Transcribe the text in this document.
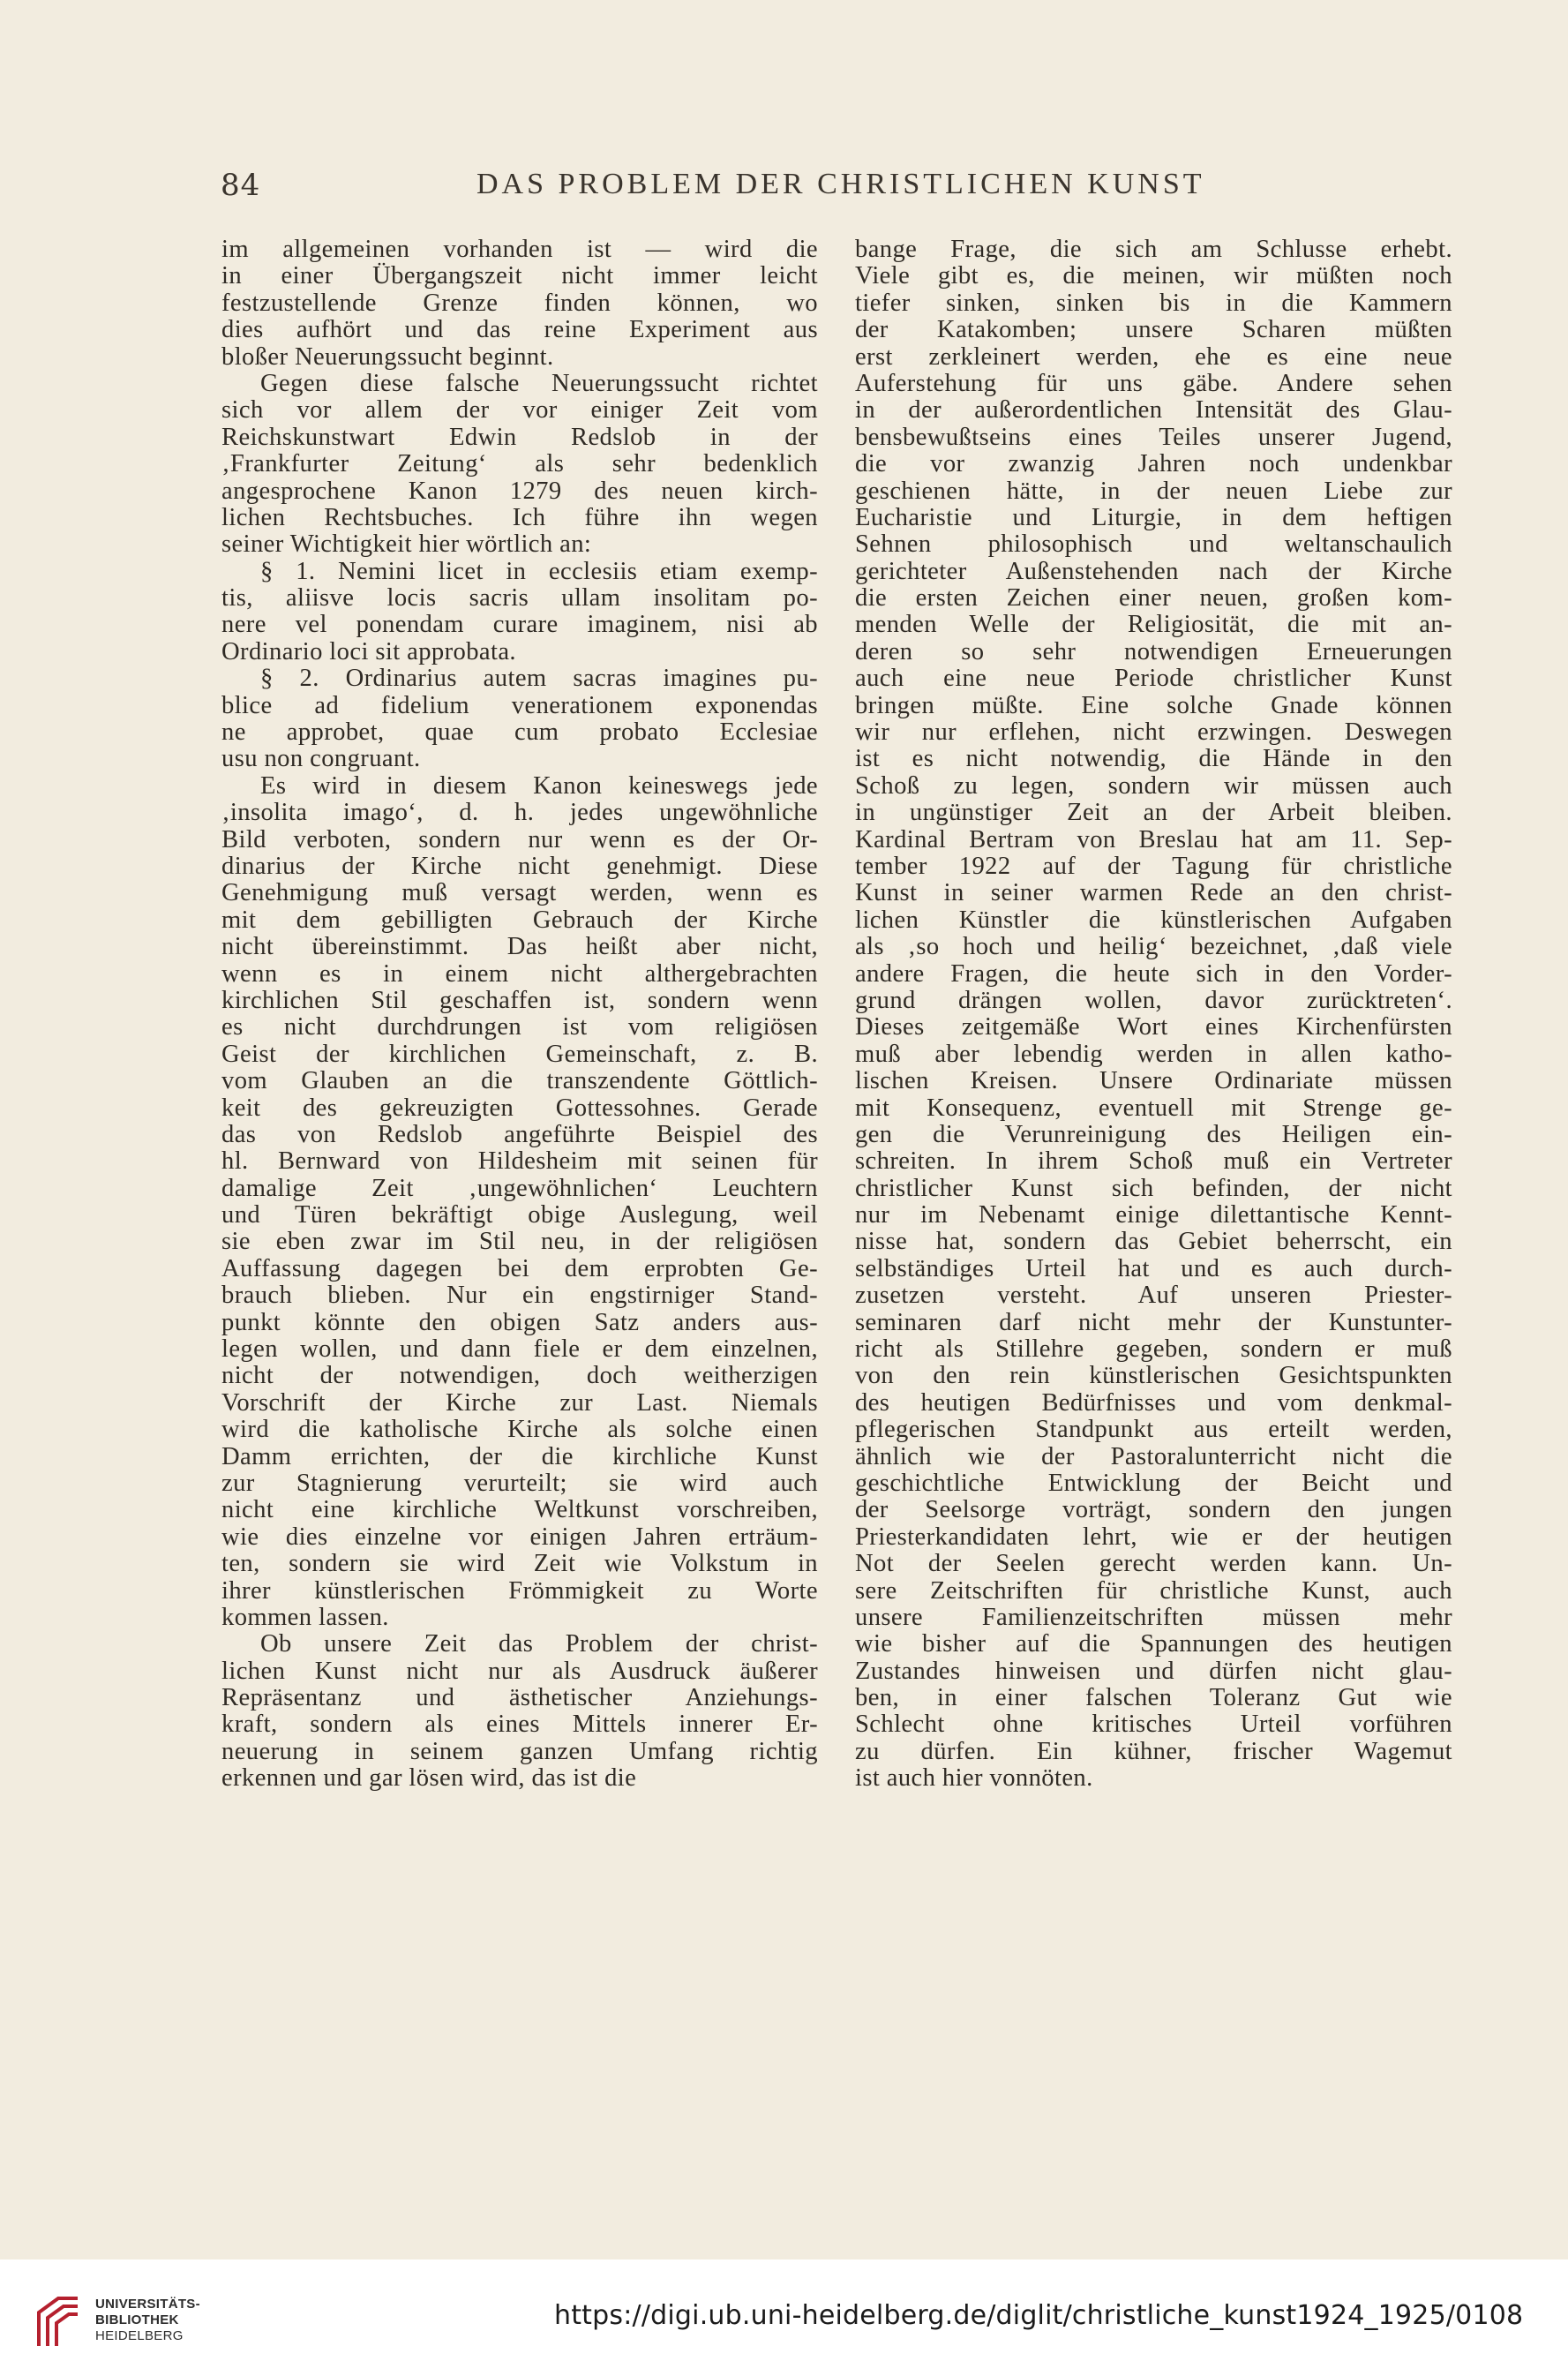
84	DAS PROBLEM DER CHRISTLICHEN KUNST
im allgemeinen vorhanden ist — wird die
in einer Übergangszeit nicht immer leicht
festzustellende Grenze finden können, wo
dies aufhört und das reine Experiment aus
bloßer Neuerungssucht beginnt.
Gegen diese falsche Neuerungssucht richtet
sich vor allem der vor einiger Zeit vom
Reichskunstwart Edwin Redslob in der
‚Frankfurter Zeitung‘ als sehr bedenklich
angesprochene Kanon 1279 des neuen kirch-
lichen Rechtsbuches. Ich führe ihn wegen
seiner Wichtigkeit hier wörtlich an:
§ 1. Nemini licet in ecclesiis etiam exemp-
tis, aliisve locis sacris ullam insolitam po-
nere vel ponendam curare imaginem, nisi ab
Ordinario loci sit approbata.
§ 2. Ordinarius autem sacras imagines pu-
blice ad fidelium venerationem exponendas
ne approbet, quae cum probato Ecclesiae
usu non congruant.
Es wird in diesem Kanon keineswegs jede
‚insolita imago‘, d. h. jedes ungewöhnliche
Bild verboten, sondern nur wenn es der Or-
dinarius der Kirche nicht genehmigt. Diese
Genehmigung muß versagt werden, wenn es
mit dem gebilligten Gebrauch der Kirche
nicht übereinstimmt. Das heißt aber nicht,
wenn es in einem nicht althergebrachten
kirchlichen Stil geschaffen ist, sondern wenn
es nicht durchdrungen ist vom religiösen
Geist der kirchlichen Gemeinschaft, z. B.
vom Glauben an die transzendente Göttlich-
keit des gekreuzigten Gottessohnes. Gerade
das von Redslob angeführte Beispiel des
hl. Bernward von Hildesheim mit seinen für
damalige Zeit ‚ungewöhnlichen‘ Leuchtern
und Türen bekräftigt obige Auslegung, weil
sie eben zwar im Stil neu, in der religiösen
Auffassung dagegen bei dem erprobten Ge-
brauch blieben. Nur ein engstirniger Stand-
punkt könnte den obigen Satz anders aus-
legen wollen, und dann fiele er dem einzelnen,
nicht der notwendigen, doch weitherzigen
Vorschrift der Kirche zur Last. Niemals
wird die katholische Kirche als solche einen
Damm errichten, der die kirchliche Kunst
zur Stagnierung verurteilt; sie wird auch
nicht eine kirchliche Weltkunst vorschreiben,
wie dies einzelne vor einigen Jahren erträum-
ten, sondern sie wird Zeit wie Volkstum in
ihrer künstlerischen Frömmigkeit zu Worte
kommen lassen.
Ob unsere Zeit das Problem der christ-
lichen Kunst nicht nur als Ausdruck äußerer
Repräsentanz und ästhetischer Anziehungs-
kraft, sondern als eines Mittels innerer Er-
neuerung in seinem ganzen Umfang richtig
erkennen und gar lösen wird, das ist die
bange Frage, die sich am Schlusse erhebt.
Viele gibt es, die meinen, wir müßten noch
tiefer sinken, sinken bis in die Kammern
der Katakomben; unsere Scharen müßten
erst zerkleinert werden, ehe es eine neue
Auferstehung für uns gäbe. Andere sehen
in der außerordentlichen Intensität des Glau-
bensbewußtseins eines Teiles unserer Jugend,
die vor zwanzig Jahren noch undenkbar
geschienen hätte, in der neuen Liebe zur
Eucharistie und Liturgie, in dem heftigen
Sehnen philosophisch und weltanschaulich
gerichteter Außenstehenden nach der Kirche
die ersten Zeichen einer neuen, großen kom-
menden Welle der Religiosität, die mit an-
deren so sehr notwendigen Erneuerungen
auch eine neue Periode christlicher Kunst
bringen müßte. Eine solche Gnade können
wir nur erflehen, nicht erzwingen. Deswegen
ist es nicht notwendig, die Hände in den
Schoß zu legen, sondern wir müssen auch
in ungünstiger Zeit an der Arbeit bleiben.
Kardinal Bertram von Breslau hat am 11. Sep-
tember 1922 auf der Tagung für christliche
Kunst in seiner warmen Rede an den christ-
lichen Künstler die künstlerischen Aufgaben
als ‚so hoch und heilig‘ bezeichnet, ‚daß viele
andere Fragen, die heute sich in den Vorder-
grund drängen wollen, davor zurücktreten‘.
Dieses zeitgemäße Wort eines Kirchenfürsten
muß aber lebendig werden in allen katho-
lischen Kreisen. Unsere Ordinariate müssen
mit Konsequenz, eventuell mit Strenge ge-
gen die Verunreinigung des Heiligen ein-
schreiten. In ihrem Schoß muß ein Vertreter
christlicher Kunst sich befinden, der nicht
nur im Nebenamt einige dilettantische Kennt-
nisse hat, sondern das Gebiet beherrscht, ein
selbständiges Urteil hat und es auch durch-
zusetzen versteht. Auf unseren Priester-
seminaren darf nicht mehr der Kunstunter-
richt als Stillehre gegeben, sondern er muß
von den rein künstlerischen Gesichtspunkten
des heutigen Bedürfnisses und vom denkmal-
pflegerischen Standpunkt aus erteilt werden,
ähnlich wie der Pastoralunterricht nicht die
geschichtliche Entwicklung der Beicht und
der Seelsorge vorträgt, sondern den jungen
Priesterkandidaten lehrt, wie er der heutigen
Not der Seelen gerecht werden kann. Un-
sere Zeitschriften für christliche Kunst, auch
unsere Familienzeitschriften müssen mehr
wie bisher auf die Spannungen des heutigen
Zustandes hinweisen und dürfen nicht glau-
ben, in einer falschen Toleranz Gut wie
Schlecht ohne kritisches Urteil vorführen
zu dürfen. Ein kühner, frischer Wagemut
ist auch hier vonnöten.
UNIVERSITÄTS-
BIBLIOTHEK
HEIDELBERG
https://digi.ub.uni-heidelberg.de/diglit/christliche_kunst1924_1925/0108
